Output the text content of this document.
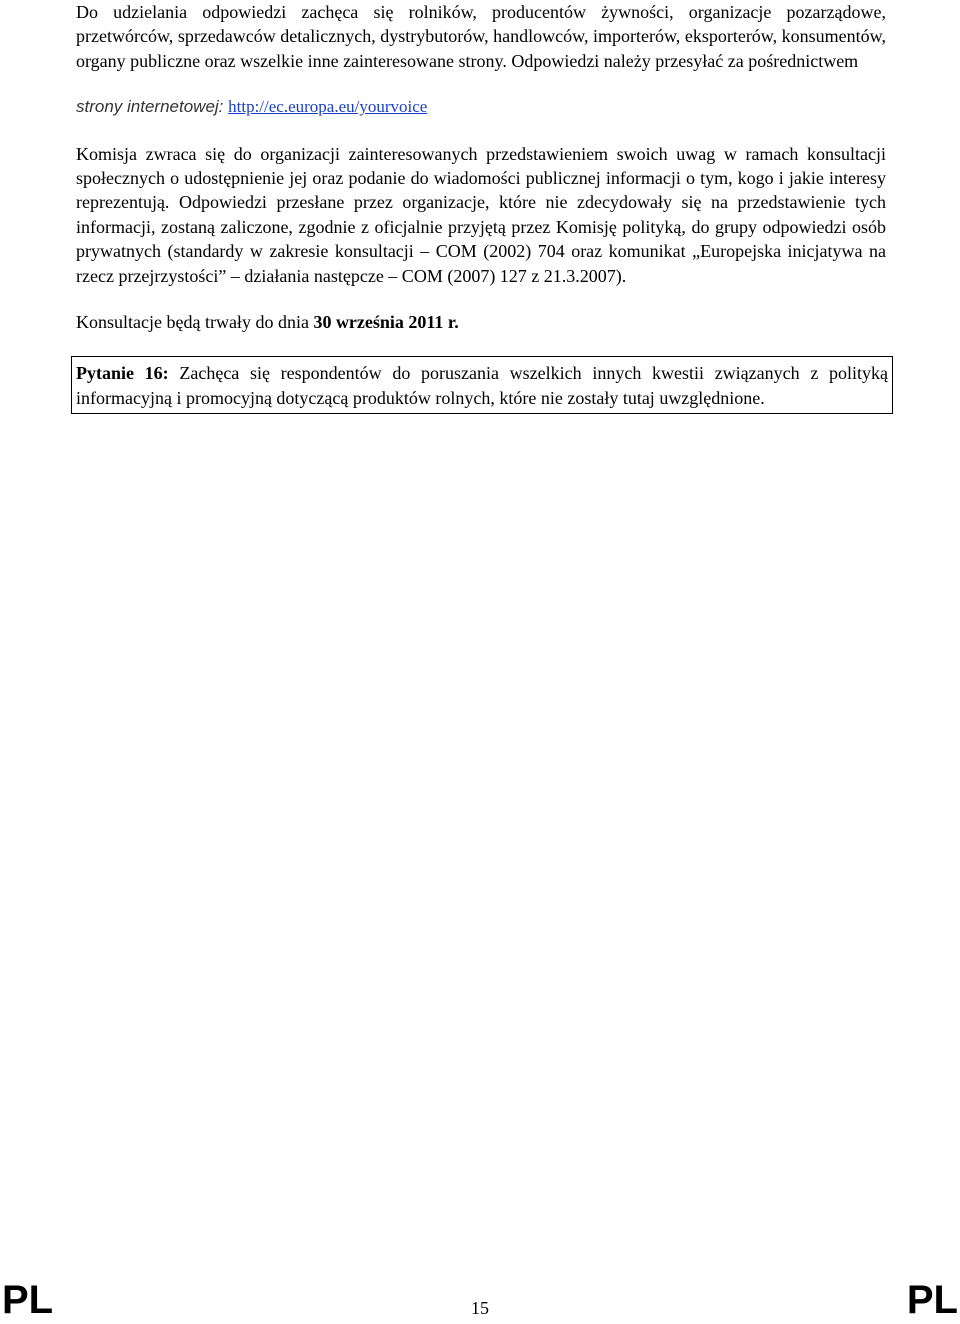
Do udzielania odpowiedzi zachęca się rolników, producentów żywności, organizacje pozarządowe, przetwórców, sprzedawców detalicznych, dystrybutorów, handlowców, importerów, eksporterów, konsumentów, organy publiczne oraz wszelkie inne zainteresowane strony. Odpowiedzi należy przesyłać za pośrednictwem

strony internetowej: http://ec.europa.eu/yourvoice

Komisja zwraca się do organizacji zainteresowanych przedstawieniem swoich uwag w ramach konsultacji społecznych o udostępnienie jej oraz podanie do wiadomości publicznej informacji o tym, kogo i jakie interesy reprezentują. Odpowiedzi przesłane przez organizacje, które nie zdecydowały się na przedstawienie tych informacji, zostaną zaliczone, zgodnie z oficjalnie przyjętą przez Komisję polityką, do grupy odpowiedzi osób prywatnych (standardy w zakresie konsultacji – COM (2002) 704 oraz komunikat „Europejska inicjatywa na rzecz przejrzystości” – działania następcze – COM (2007) 127 z 21.3.2007).

Konsultacje będą trwały do dnia 30 września 2011 r.

Pytanie 16: Zachęca się respondentów do poruszania wszelkich innych kwestii związanych z polityką informacyjną i promocyjną dotyczącą produktów rolnych, które nie zostały tutaj uwzględnione.

PL	15	PL
